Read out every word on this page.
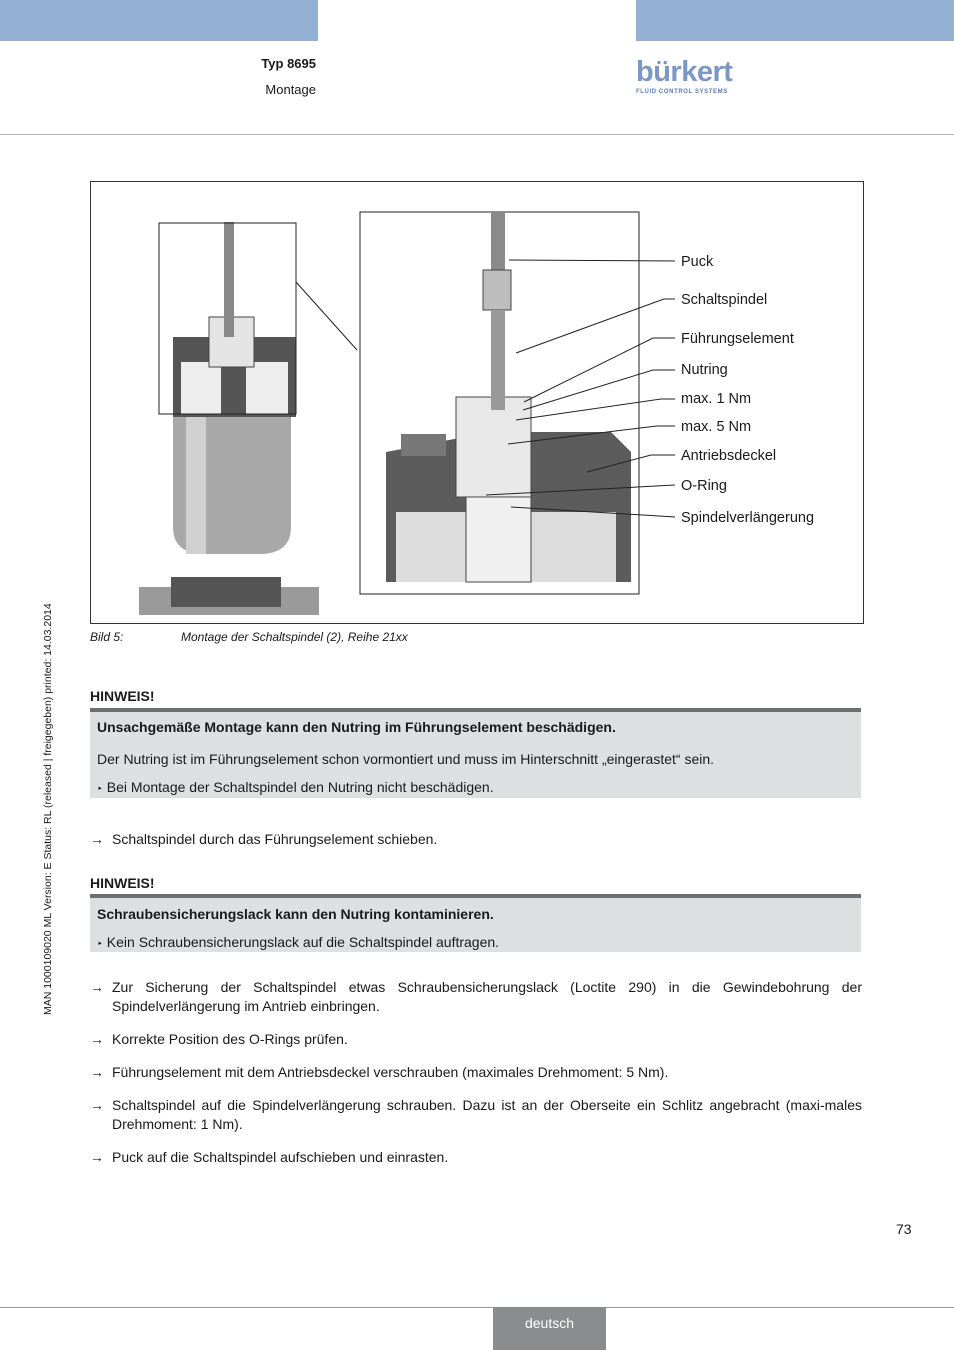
Typ 8695
Montage
bürkert
FLUID CONTROL SYSTEMS
MAN 1000109020 ML Version: E Status: RL (released | freigegeben) printed: 14.03.2014
Puck
Schaltspindel
Führungselement
Nutring
max. 1 Nm
max. 5 Nm
Antriebsdeckel
O-Ring
Spindelverlängerung
Bild 5:	Montage der Schaltspindel (2), Reihe 21xx
HINWEIS!
Unsachgemäße Montage kann den Nutring im Führungselement beschädigen.
Der Nutring ist im Führungselement schon vormontiert und muss im Hinterschnitt „eingerastet“ sein.
‣ Bei Montage der Schaltspindel den Nutring nicht beschädigen.
→ Schaltspindel durch das Führungselement schieben.
HINWEIS!
Schraubensicherungslack kann den Nutring kontaminieren.
‣ Kein Schraubensicherungslack auf die Schaltspindel auftragen.
→ Zur Sicherung der Schaltspindel etwas Schraubensicherungslack (Loctite 290) in die Gewindebohrung der Spindelverlängerung im Antrieb einbringen.
→ Korrekte Position des O-Rings prüfen.
→ Führungselement mit dem Antriebsdeckel verschrauben (maximales Drehmoment: 5 Nm).
→ Schaltspindel auf die Spindelverlängerung schrauben. Dazu ist an der Oberseite ein Schlitz angebracht (maxi-males Drehmoment: 1 Nm).
→ Puck auf die Schaltspindel aufschieben und einrasten.
73
deutsch
